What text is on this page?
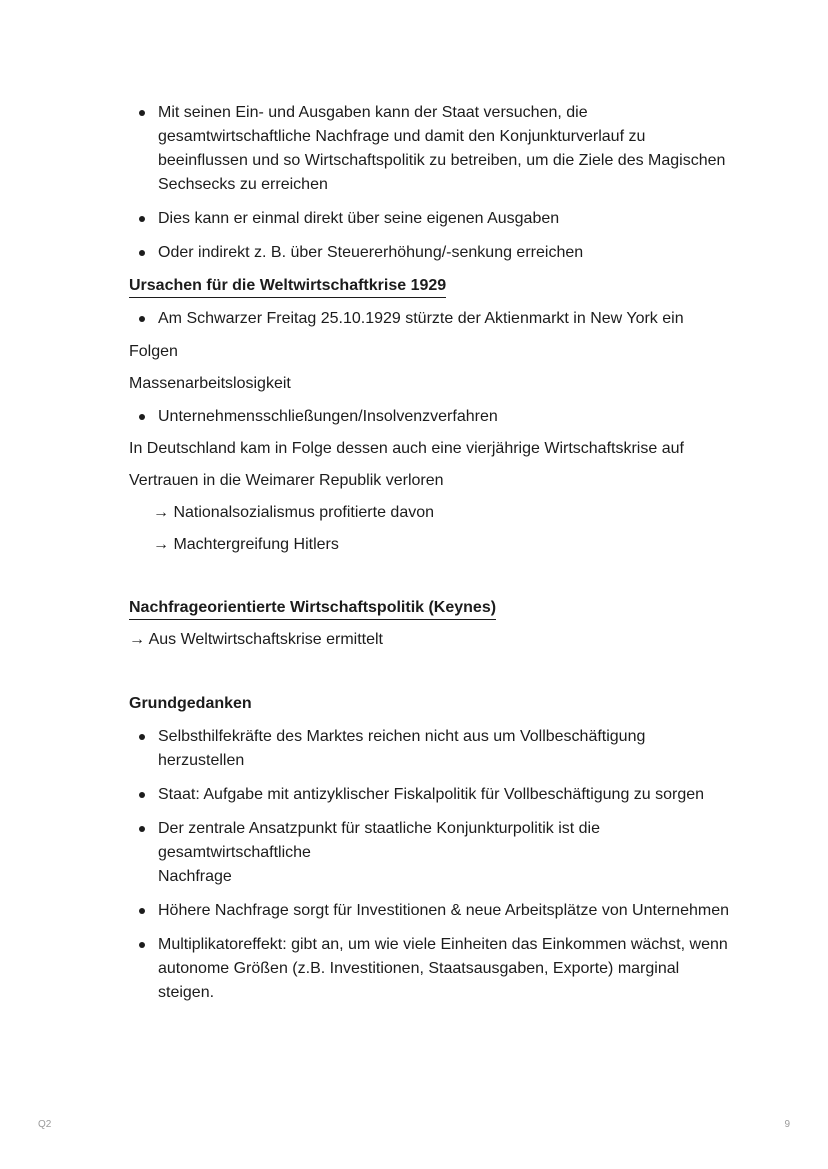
Mit seinen Ein- und Ausgaben kann der Staat versuchen, die gesamtwirtschaftliche Nachfrage und damit den Konjunkturverlauf zu beeinflussen und so Wirtschaftspolitik zu betreiben, um die Ziele des Magischen Sechsecks zu erreichen
Dies kann er einmal direkt über seine eigenen Ausgaben
Oder indirekt z. B. über Steuererhöhung/-senkung erreichen
Ursachen für die Weltwirtschaftkrise 1929
Am Schwarzer Freitag 25.10.1929 stürzte der Aktienmarkt in New York ein

Folgen

Massenarbeitslosigkeit

Unternehmensschließungen/Insolvenzverfahren

In Deutschland kam in Folge dessen auch eine vierjährige Wirtschaftskrise auf

Vertrauen in die Weimarer Republik verloren

→ Nationalsozialismus profitierte davon

→ Machtergreifung Hitlers

Nachfrageorientierte Wirtschaftspolitik (Keynes)

→ Aus Weltwirtschaftskrise ermittelt

Grundgedanken
Selbsthilfekräfte des Marktes reichen nicht aus um Vollbeschäftigung herzustellen
Staat: Aufgabe mit antizyklischer Fiskalpolitik für Vollbeschäftigung zu sorgen
Der zentrale Ansatzpunkt für staatliche Konjunkturpolitik ist die gesamtwirtschaftliche
Nachfrage
Höhere Nachfrage sorgt für Investitionen & neue Arbeitsplätze von Unternehmen
Multiplikatoreffekt: gibt an, um wie viele Einheiten das Einkommen wächst, wenn autonome Größen (z.B. Investitionen, Staatsausgaben, Exporte) marginal steigen.
Q2	9
